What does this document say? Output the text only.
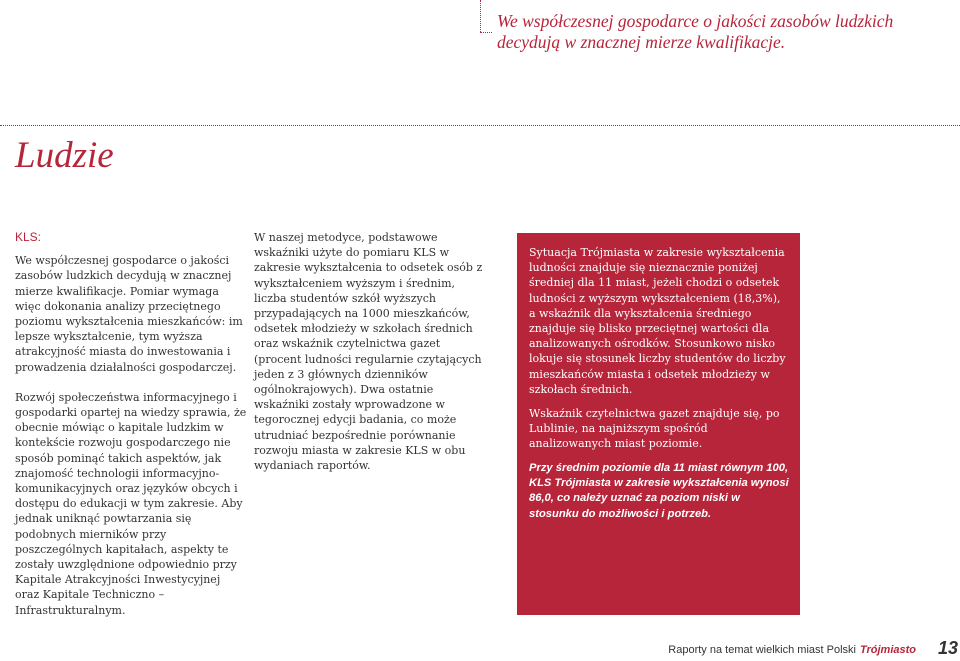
We współczesnej gospodarce o jakości zasobów ludzkich decydują w znacznej mierze kwalifikacje.
Ludzie
KLS:

We współczesnej gospodarce o jakości zasobów ludzkich decydują w znacznej mierze kwalifikacje. Pomiar wymaga więc dokonania analizy przeciętnego poziomu wykształcenia mieszkańców: im lepsze wykształcenie, tym wyższa atrakcyjność miasta do inwestowania i prowadzenia działalności gospodarczej.

Rozwój społeczeństwa informacyjnego i gospodarki opartej na wiedzy sprawia, że obecnie mówiąc o kapitale ludzkim w kontekście rozwoju gospodarczego nie sposób pominąć takich aspektów, jak znajomość technologii informacyjno-komunikacyjnych oraz języków obcych i dostępu do edukacji w tym zakresie. Aby jednak uniknąć powtarzania się podobnych mierników przy poszczególnych kapitałach, aspekty te zostały uwzględnione odpowiednio przy Kapitale Atrakcyjności Inwestycyjnej oraz Kapitale Techniczno – Infrastrukturalnym.

W naszej metodyce, podstawowe wskaźniki użyte do pomiaru KLS w zakresie wykształcenia to odsetek osób z wykształceniem wyższym i średnim, liczba studentów szkół wyższych przypadających na 1000 mieszkańców, odsetek młodzieży w szkołach średnich oraz wskaźnik czytelnictwa gazet (procent ludności regularnie czytających jeden z 3 głównych dzienników ogólnokrajowych). Dwa ostatnie wskaźniki zostały wprowadzone w tegorocznej edycji badania, co może utrudniać bezpośrednie porównanie rozwoju miasta w zakresie KLS w obu wydaniach raportów.

Sytuacja Trójmiasta w zakresie wykształcenia ludności znajduje się nieznacznie poniżej średniej dla 11 miast, jeżeli chodzi o odsetek ludności z wyższym wykształceniem (18,3%), a wskaźnik dla wykształcenia średniego znajduje się blisko przeciętnej wartości dla analizowanych ośrodków. Stosunkowo nisko lokuje się stosunek liczby studentów do liczby mieszkańców miasta i odsetek młodzieży w szkołach średnich.

Wskaźnik czytelnictwa gazet znajduje się, po Lublinie, na najniższym spośród analizowanych miast poziomie.

Przy średnim poziomie dla 11 miast równym 100, KLS Trójmiasta w zakresie wykształcenia wynosi 86,0, co należy uznać za poziom niski w stosunku do możliwości i potrzeb.

Raporty na temat wielkich miast Polski Trójmiasto 13
